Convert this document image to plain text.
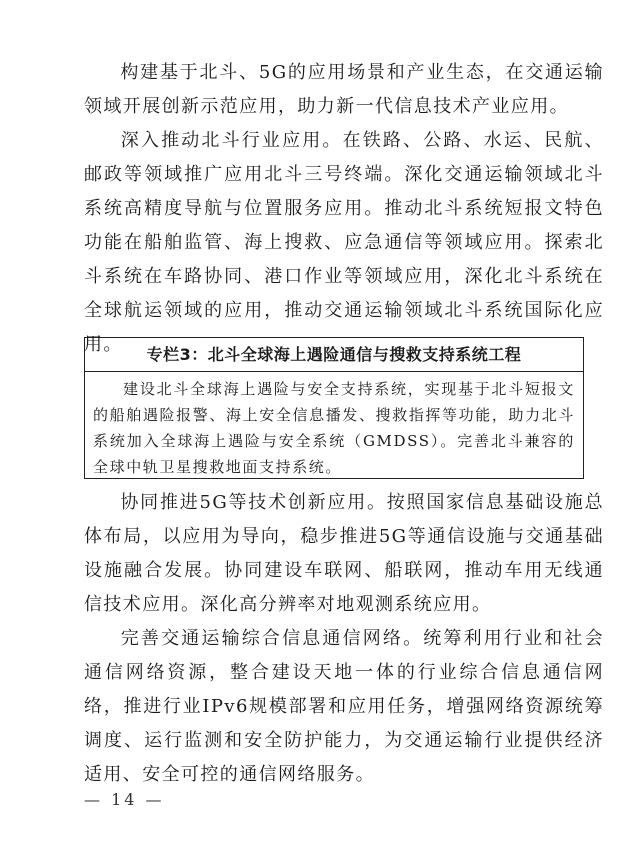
构建基于北斗、5G的应用场景和产业生态，在交通运输领域开展创新示范应用，助力新一代信息技术产业应用。

深入推动北斗行业应用。在铁路、公路、水运、民航、邮政等领域推广应用北斗三号终端。深化交通运输领域北斗系统高精度导航与位置服务应用。推动北斗系统短报文特色功能在船舶监管、海上搜救、应急通信等领域应用。探索北斗系统在车路协同、港口作业等领域应用，深化北斗系统在全球航运领域的应用，推动交通运输领域北斗系统国际化应用。	专栏3：北斗全球海上遇险通信与搜救支持系统工程
建设北斗全球海上遇险与安全支持系统，实现基于北斗短报文的船舶遇险报警、海上安全信息播发、搜救指挥等功能，助力北斗系统加入全球海上遇险与安全系统（GMDSS）。完善北斗兼容的全球中轨卫星搜救地面支持系统。

协同推进5G等技术创新应用。按照国家信息基础设施总体布局，以应用为导向，稳步推进5G等通信设施与交通基础设施融合发展。协同建设车联网、船联网，推动车用无线通信技术应用。深化高分辨率对地观测系统应用。

完善交通运输综合信息通信网络。统筹利用行业和社会通信网络资源，整合建设天地一体的行业综合信息通信网络，推进行业IPv6规模部署和应用任务，增强网络资源统筹调度、运行监测和安全防护能力，为交通运输行业提供经济适用、安全可控的通信网络服务。

— 14 —
